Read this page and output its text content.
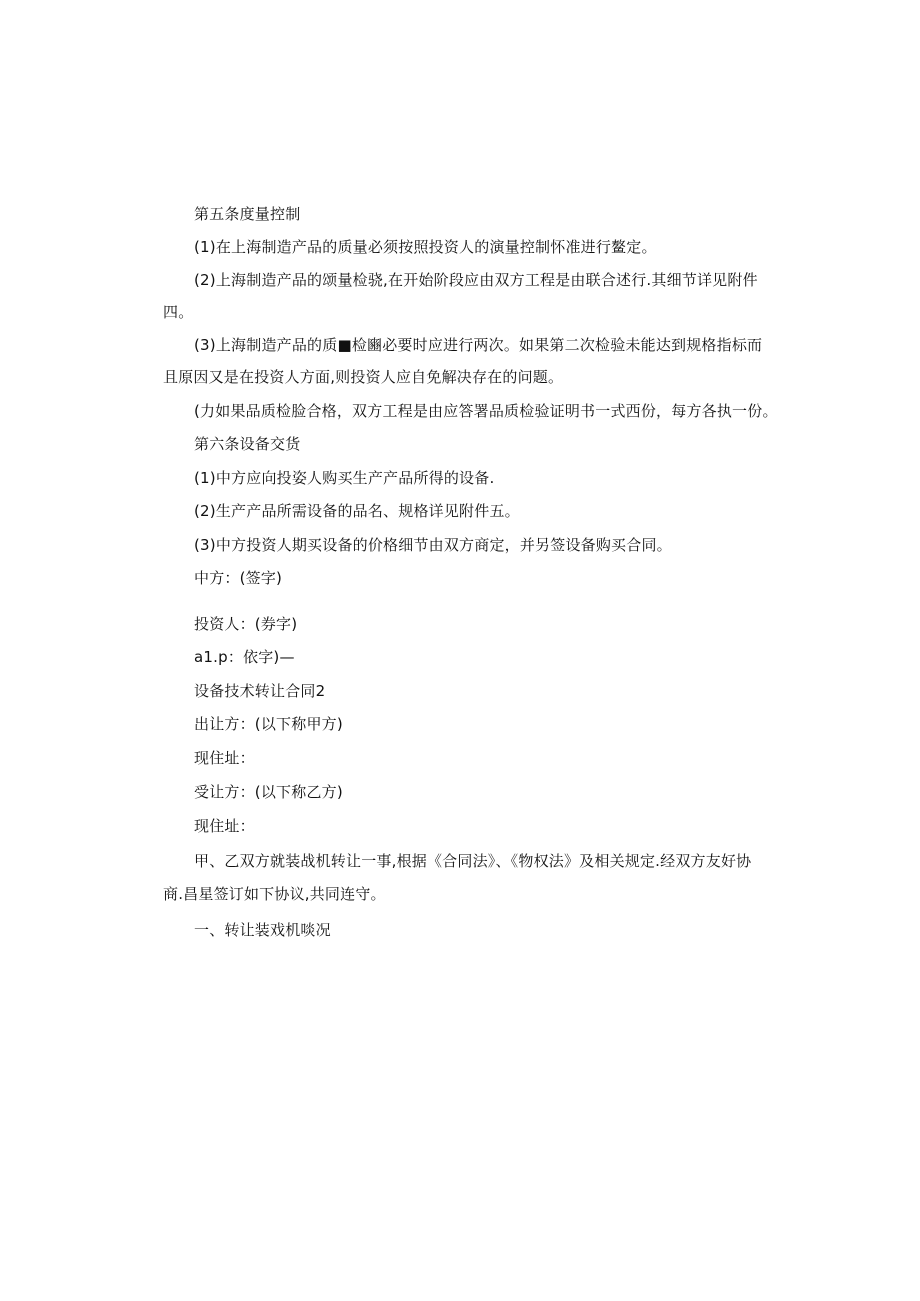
第五条度量控制
(1)在上海制造产品的质量必须按照投资人的演量控制怀准进行鳌定。
(2)上海制造产品的颂量检骁,在开始阶段应由双方工程是由联合述行.其细节详见附件
四。
(3)上海制造产品的质■检豳必要时应进行两次。如果第二次检验未能达到规格指标而
且原因又是在投资人方面,则投资人应自免解决存在的问题。
(力如果品质检脸合格，双方工程是由应答署品质检验证明书一式西份，每方各执一份。
第六条设备交货
(1)中方应向投姿人购买生产产品所得的设备.
(2)生产产品所需设备的品名、规格详见附件五。
(3)中方投资人期买设备的价格细节由双方商定，并另签设备购买合同。
中方：(签字)
投资人：(券字)
a1.p：依字)—
设备技术转让合同2
出让方：(以下称甲方)
现住址：
受让方：(以下称乙方)
现住址：
甲、乙双方就装战机转让一事,根据《合同法》、《物权法》及相关规定.经双方友好协
商.昌星签订如下协议,共同连守。
一、转让装戏机啖况
